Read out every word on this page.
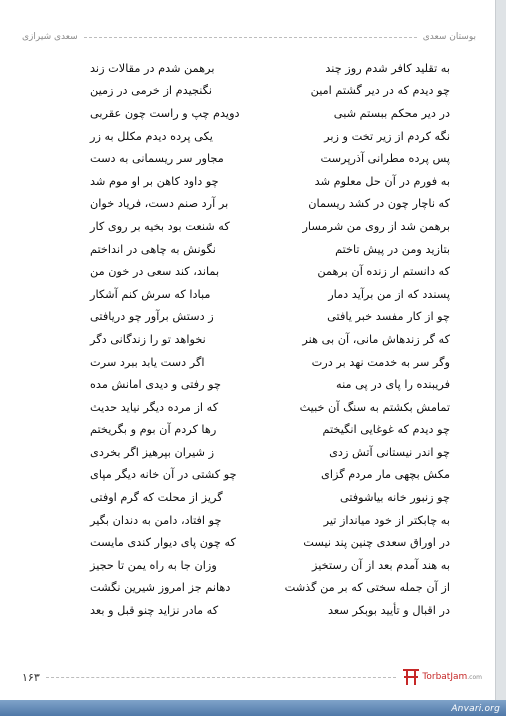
سعدی شیرازی	بوستان سعدی
به تقلید کافر شدم روز چند
برهمن شدم در مقالات زند
چو دیدم که در دیر گشتم امین
نگنجیدم از خرمی در زمین
در دیر محکم ببستم شبی
دویدم چپ و راست چون عقربی
نگه کردم از زیر تخت و زبر
یکی پرده دیدم مکلل به زر
پس پرده مطرانی آذرپرست
مجاور سر ریسمانی به دست
به فورم در آن حل معلوم شد
چو داود کاهن بر او موم شد
که ناچار چون در کشد ریسمان
بر آرد صنم دست، فریاد خوان
برهمن شد از روی من شرمسار
که شنعت بود بخیه بر روی کار
بتازید ومن در پیش تاختم
نگونش به چاهی در انداختم
که دانستم ار زنده آن برهمن
بماند، کند سعی در خون من
پسندد که از من برآید دمار
مبادا که سرش کنم آشکار
چو از کار مفسد خبر یافتی
ز دستش برآور چو دریافتی
که گر زندهاش مانی، آن بی هنر
نخواهد تو را زندگانی دگر
وگر سر به خدمت نهد بر درت
اگر دست یابد ببرد سرت
فریبنده را پای در پی منه
چو رفتی و دیدی امانش مده
تمامش بکشتم به سنگ آن خبیث
که از مرده دیگر نیاید حدیث
چو دیدم که غوغایی انگیختم
رها کردم آن بوم و بگریختم
چو اندر نیستانی آتش زدی
ز شیران بپرهیز اگر بخردی
مکش بچهی مار مردم گزای
چو کشتی در آن خانه دیگر مپای
چو زنبور خانه بیاشوفتی
گریز از محلت که گرم اوفتی
به چابکتر از خود میانداز تیر
چو افتاد، دامن به دندان بگیر
در اوراق سعدی چنین پند نیست
که چون پای دیوار کندی مایست
به هند آمدم بعد از آن رستخیز
وزان جا به راه یمن تا حجیز
از آن جمله سختی که بر من گذشت
دهانم جز امروز شیرین نگشت
در اقبال و تأیید بوبکر سعد
که مادر نزاید چنو قبل و بعد
۱۶۳	TorbatJam.com
Anvari.org
